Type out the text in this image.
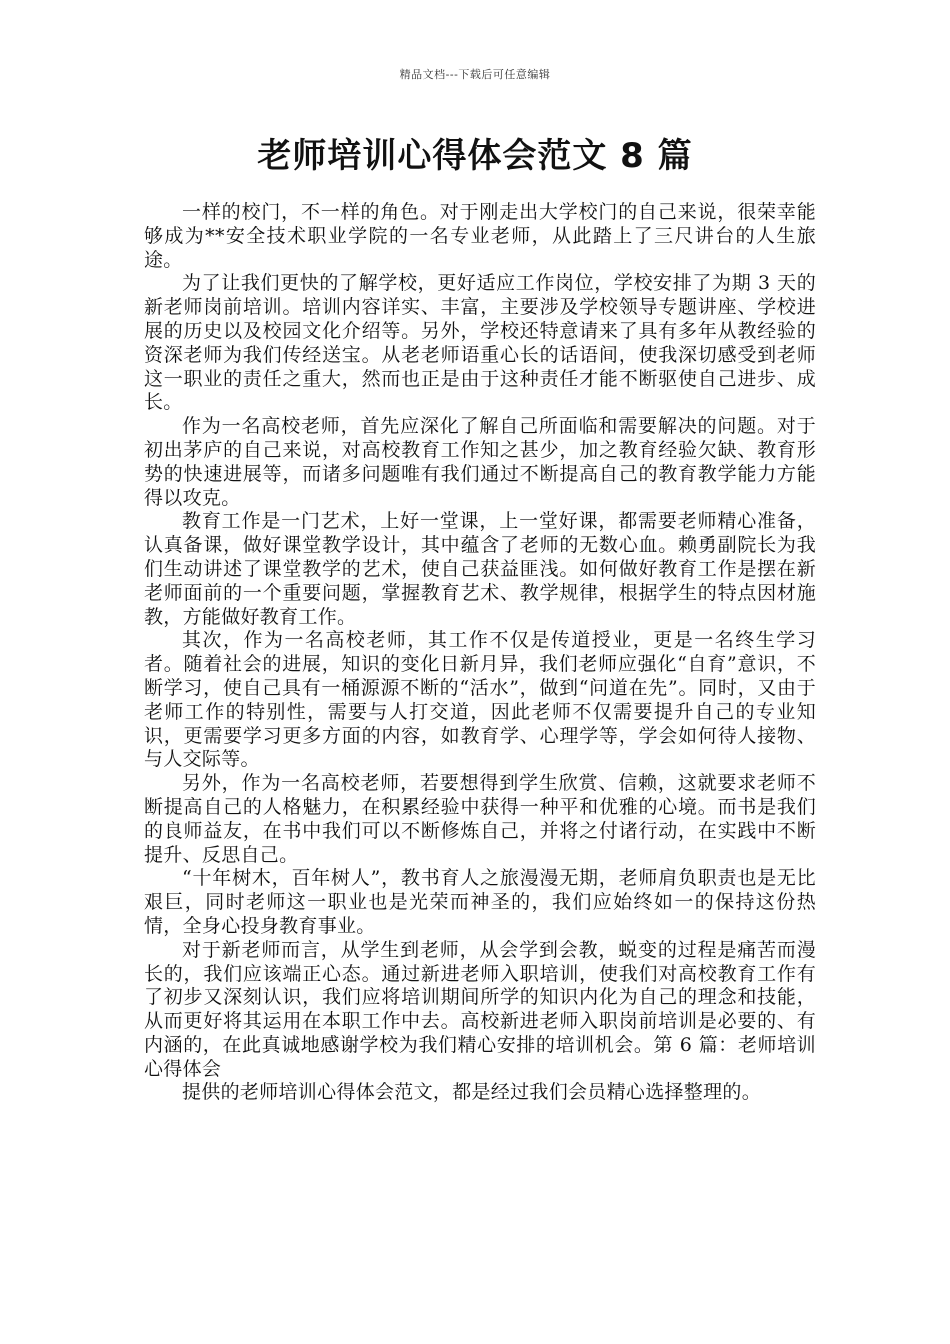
精品文档---下载后可任意编辑
老师培训心得体会范文 8 篇

一样的校门，不一样的角色。对于刚走出大学校门的自己来说，很荣幸能够成为**安全技术职业学院的一名专业老师，从此踏上了三尺讲台的人生旅途。

为了让我们更快的了解学校，更好适应工作岗位，学校安排了为期 3 天的新老师岗前培训。培训内容详实、丰富，主要涉及学校领导专题讲座、学校进展的历史以及校园文化介绍等。另外，学校还特意请来了具有多年从教经验的资深老师为我们传经送宝。从老老师语重心长的话语间，使我深切感受到老师这一职业的责任之重大，然而也正是由于这种责任才能不断驱使自己进步、成长。

作为一名高校老师，首先应深化了解自己所面临和需要解决的问题。对于初出茅庐的自己来说，对高校教育工作知之甚少，加之教育经验欠缺、教育形势的快速进展等，而诸多问题唯有我们通过不断提高自己的教育教学能力方能得以攻克。

教育工作是一门艺术，上好一堂课，上一堂好课，都需要老师精心准备，认真备课，做好课堂教学设计，其中蕴含了老师的无数心血。赖勇副院长为我们生动讲述了课堂教学的艺术，使自己获益匪浅。如何做好教育工作是摆在新老师面前的一个重要问题，掌握教育艺术、教学规律，根据学生的特点因材施教，方能做好教育工作。

其次，作为一名高校老师，其工作不仅是传道授业，更是一名终生学习者。随着社会的进展，知识的变化日新月异，我们老师应强化“自育”意识，不断学习，使自己具有一桶源源不断的“活水”，做到“问道在先”。同时，又由于老师工作的特别性，需要与人打交道，因此老师不仅需要提升自己的专业知识，更需要学习更多方面的内容，如教育学、心理学等，学会如何待人接物、与人交际等。

另外，作为一名高校老师，若要想得到学生欣赏、信赖，这就要求老师不断提高自己的人格魅力，在积累经验中获得一种平和优雅的心境。而书是我们的良师益友，在书中我们可以不断修炼自己，并将之付诸行动，在实践中不断提升、反思自己。

“十年树木，百年树人”，教书育人之旅漫漫无期，老师肩负职责也是无比艰巨，同时老师这一职业也是光荣而神圣的，我们应始终如一的保持这份热情，全身心投身教育事业。

对于新老师而言，从学生到老师，从会学到会教，蜕变的过程是痛苦而漫长的，我们应该端正心态。通过新进老师入职培训，使我们对高校教育工作有了初步又深刻认识，我们应将培训期间所学的知识内化为自己的理念和技能，从而更好将其运用在本职工作中去。高校新进老师入职岗前培训是必要的、有内涵的，在此真诚地感谢学校为我们精心安排的培训机会。第 6 篇：老师培训心得体会

提供的老师培训心得体会范文，都是经过我们会员精心选择整理的。
